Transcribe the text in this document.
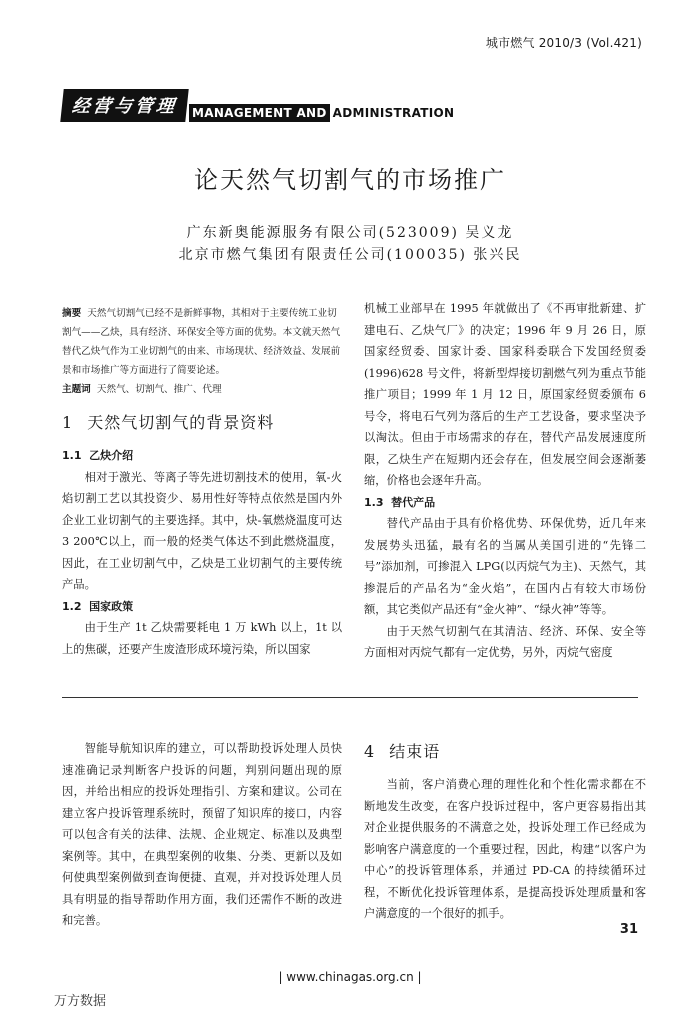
城市燃气 2010/3 (Vol.421)
经营与管理	MANAGEMENT AND ADMINISTRATION
论天然气切割气的市场推广
广东新奥能源服务有限公司(523009) 吴义龙
北京市燃气集团有限责任公司(100035) 张兴民
摘要 天然气切割气已经不是新鲜事物，其相对于主要传统工业切割气——乙炔，具有经济、环保安全等方面的优势。本文就天然气替代乙炔气作为工业切割气的由来、市场现状、经济效益、发展前景和市场推广等方面进行了简要论述。
主题词 天然气、切割气、推广、代理
1 天然气切割气的背景资料
1.1 乙炔介绍
相对于激光、等离子等先进切割技术的使用，氧-火焰切割工艺以其投资少、易用性好等特点依然是国内外企业工业切割气的主要选择。其中，炔-氧燃烧温度可达 3 200℃以上，而一般的烃类气体达不到此燃烧温度，因此，在工业切割气中，乙炔是工业切割气的主要传统产品。
1.2 国家政策
由于生产 1t 乙炔需要耗电 1 万 kWh 以上，1t 以上的焦碳，还要产生废渣形成环境污染，所以国家
机械工业部早在 1995 年就做出了《不再审批新建、扩建电石、乙炔气厂》的决定；1996 年 9 月 26 日，原国家经贸委、国家计委、国家科委联合下发国经贸委(1996)628 号文件，将新型焊接切割燃气列为重点节能推广项目；1999 年 1 月 12 日，原国家经贸委颁布 6 号令，将电石气列为落后的生产工艺设备，要求坚决予以淘汰。但由于市场需求的存在，替代产品发展速度所限，乙炔生产在短期内还会存在，但发展空间会逐渐萎缩，价格也会逐年升高。
1.3 替代产品
替代产品由于具有价格优势、环保优势，近几年来发展势头迅猛，最有名的当属从美国引进的“先锋二号”添加剂，可掺混入 LPG(以丙烷气为主)、天然气，其掺混后的产品名为“金火焰”，在国内占有较大市场份额，其它类似产品还有“金火神”、“绿火神”等等。
由于天然气切割气在其清洁、经济、环保、安全等方面相对丙烷气都有一定优势，另外，丙烷气密度
智能导航知识库的建立，可以帮助投诉处理人员快速准确记录判断客户投诉的问题，判别问题出现的原因，并给出相应的投诉处理指引、方案和建议。公司在建立客户投诉管理系统时，预留了知识库的接口，内容可以包含有关的法律、法规、企业规定、标准以及典型案例等。其中，在典型案例的收集、分类、更新以及如何使典型案例做到查询便捷、直观，并对投诉处理人员具有明显的指导帮助作用方面，我们还需作不断的改进和完善。
4 结束语
当前，客户消费心理的理性化和个性化需求都在不断地发生改变，在客户投诉过程中，客户更容易指出其对企业提供服务的不满意之处，投诉处理工作已经成为影响客户满意度的一个重要过程，因此，构建“以客户为中心”的投诉管理体系，并通过 PD-CA 的持续循环过程，不断优化投诉管理体系，是提高投诉处理质量和客户满意度的一个很好的抓手。
31
| www.chinagas.org.cn |
万方数据
